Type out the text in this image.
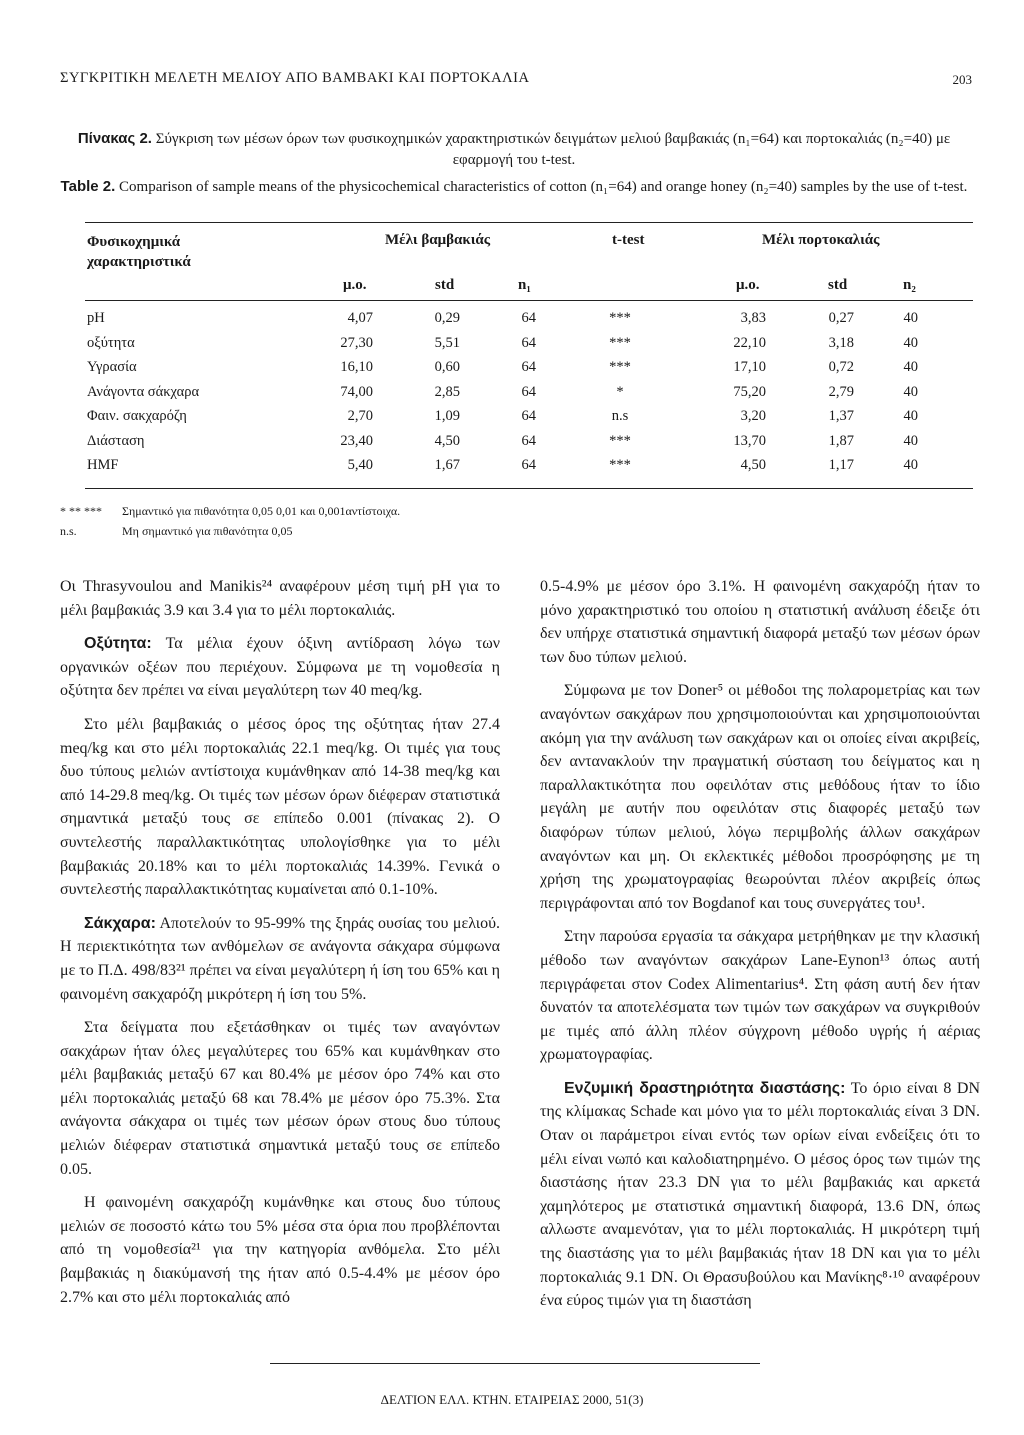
ΣΥΓΚΡΙΤΙΚΗ ΜΕΛΕΤΗ ΜΕΛΙΟΥ ΑΠΟ ΒΑΜΒΑΚΙ ΚΑΙ ΠΟΡΤΟΚΑΛΙΑ	203
Πίνακας 2. Σύγκριση των μέσων όρων των φυσικοχημικών χαρακτηριστικών δειγμάτων μελιού βαμβακιάς (n₁=64) και πορτοκαλιάς (n₂=40) με εφαρμογή του t-test.
Table 2. Comparison of sample means of the physicochemical characteristics of cotton (n₁=64) and orange honey (n₂=40) samples by the use of t-test.
Φυσικοχημικά χαρακτηριστικά
Μέλι βαμβακιάς	t-test	Μέλι πορτοκαλιάς
μ.ο.	std	n₁	μ.ο.	std	n₂
pH	4,07	0,29	64	***	3,83	0,27	40
οξύτητα	27,30	5,51	64	***	22,10	3,18	40
Υγρασία	16,10	0,60	64	***	17,10	0,72	40
Ανάγοντα σάκχαρα	74,00	2,85	64	*	75,20	2,79	40
Φαιν. σακχαρόζη	2,70	1,09	64	n.s	3,20	1,37	40
Διάσταση	23,40	4,50	64	***	13,70	1,87	40
HMF	5,40	1,67	64	***	4,50	1,17	40
* ** *** Σημαντικό για πιθανότητα 0,05 0,01 και 0,001αντίστοιχα.
n.s.	Μη σημαντικό για πιθανότητα 0,05

Οι Thrasyvoulou and Manikis²⁴ αναφέρουν μέση τιμή pH για το μέλι βαμβακιάς 3.9 και 3.4 για το μέλι πορτοκαλιάς.

Οξύτητα: Τα μέλια έχουν όξινη αντίδραση λόγω των οργανικών οξέων που περιέχουν. Σύμφωνα με τη νομοθεσία η οξύτητα δεν πρέπει να είναι μεγαλύτερη των 40 meq/kg.

Στο μέλι βαμβακιάς ο μέσος όρος της οξύτητας ήταν 27.4 meq/kg και στο μέλι πορτοκαλιάς 22.1 meq/kg. Οι τιμές για τους δυο τύπους μελιών αντίστοιχα κυμάνθηκαν από 14-38 meq/kg και από 14-29.8 meq/kg. Οι τιμές των μέσων όρων διέφεραν στατιστικά σημαντικά μεταξύ τους σε επίπεδο 0.001 (πίνακας 2). Ο συντελεστής παραλλακτικότητας υπολογίσθηκε για το μέλι βαμβακιάς 20.18% και το μέλι πορτοκαλιάς 14.39%. Γενικά ο συντελεστής παραλλακτικότητας κυμαίνεται από 0.1-10%.

Σάκχαρα: Αποτελούν το 95-99% της ξηράς ουσίας του μελιού. Η περιεκτικότητα των ανθόμελων σε ανάγοντα σάκχαρα σύμφωνα με το Π.Δ. 498/83²¹ πρέπει να είναι μεγαλύτερη ή ίση του 65% και η φαινομένη σακχαρόζη μικρότερη ή ίση του 5%.

Στα δείγματα που εξετάσθηκαν οι τιμές των αναγόντων σακχάρων ήταν όλες μεγαλύτερες του 65% και κυμάνθηκαν στο μέλι βαμβακιάς μεταξύ 67 και 80.4% με μέσον όρο 74% και στο μέλι πορτοκαλιάς μεταξύ 68 και 78.4% με μέσον όρο 75.3%. Στα ανάγοντα σάκχαρα οι τιμές των μέσων όρων στους δυο τύπους μελιών διέφεραν στατιστικά σημαντικά μεταξύ τους σε επίπεδο 0.05.

Η φαινομένη σακχαρόζη κυμάνθηκε και στους δυο τύπους μελιών σε ποσοστό κάτω του 5% μέσα στα όρια που προβλέπονται από τη νομοθεσία²¹ για την κατηγορία ανθόμελα. Στο μέλι βαμβακιάς η διακύμανσή της ήταν από 0.5-4.4% με μέσον όρο 2.7% και στο μέλι πορτοκαλιάς από

0.5-4.9% με μέσον όρο 3.1%. Η φαινομένη σακχαρόζη ήταν το μόνο χαρακτηριστικό του οποίου η στατιστική ανάλυση έδειξε ότι δεν υπήρχε στατιστικά σημαντική διαφορά μεταξύ των μέσων όρων των δυο τύπων μελιού.

Σύμφωνα με τον Doner⁵ οι μέθοδοι της πολαρομετρίας και των αναγόντων σακχάρων που χρησιμοποιούνται και χρησιμοποιούνται ακόμη για την ανάλυση των σακχάρων και οι οποίες είναι ακριβείς, δεν αντανακλούν την πραγματική σύσταση του δείγματος και η παραλλακτικότητα που οφειλόταν στις μεθόδους ήταν το ίδιο μεγάλη με αυτήν που οφειλόταν στις διαφορές μεταξύ των διαφόρων τύπων μελιού, λόγω περιμβολής άλλων σακχάρων αναγόντων και μη. Οι εκλεκτικές μέθοδοι προσρόφησης με τη χρήση της χρωματογραφίας θεωρούνται πλέον ακριβείς όπως περιγράφονται από τον Bogdanof και τους συνεργάτες του¹.

Στην παρούσα εργασία τα σάκχαρα μετρήθηκαν με την κλασική μέθοδο των αναγόντων σακχάρων Lane-Eynon¹³ όπως αυτή περιγράφεται στον Codex Alimentarius⁴. Στη φάση αυτή δεν ήταν δυνατόν τα αποτελέσματα των τιμών των σακχάρων να συγκριθούν με τιμές από άλλη πλέον σύγχρονη μέθοδο υγρής ή αέριας χρωματογραφίας.

Ενζυμική δραστηριότητα διαστάσης: Το όριο είναι 8 DN της κλίμακας Schade και μόνο για το μέλι πορτοκαλιάς είναι 3 DN. Οταν οι παράμετροι είναι εντός των ορίων είναι ενδείξεις ότι το μέλι είναι νωπό και καλοδιατηρημένο. Ο μέσος όρος των τιμών της διαστάσης ήταν 23.3 DN για το μέλι βαμβακιάς και αρκετά χαμηλότερος με στατιστικά σημαντική διαφορά, 13.6 DN, όπως αλλωστε αναμενόταν, για το μέλι πορτοκαλιάς. Η μικρότερη τιμή της διαστάσης για το μέλι βαμβακιάς ήταν 18 DN και για το μέλι πορτοκαλιάς 9.1 DN. Οι Θρασυβούλου και Μανίκης⁸·¹⁰ αναφέρουν ένα εύρος τιμών για τη διαστάση

ΔΕΛΤΙΟΝ ΕΛΛ. ΚΤΗΝ. ΕΤΑΙΡΕΙΑΣ 2000, 51(3)
